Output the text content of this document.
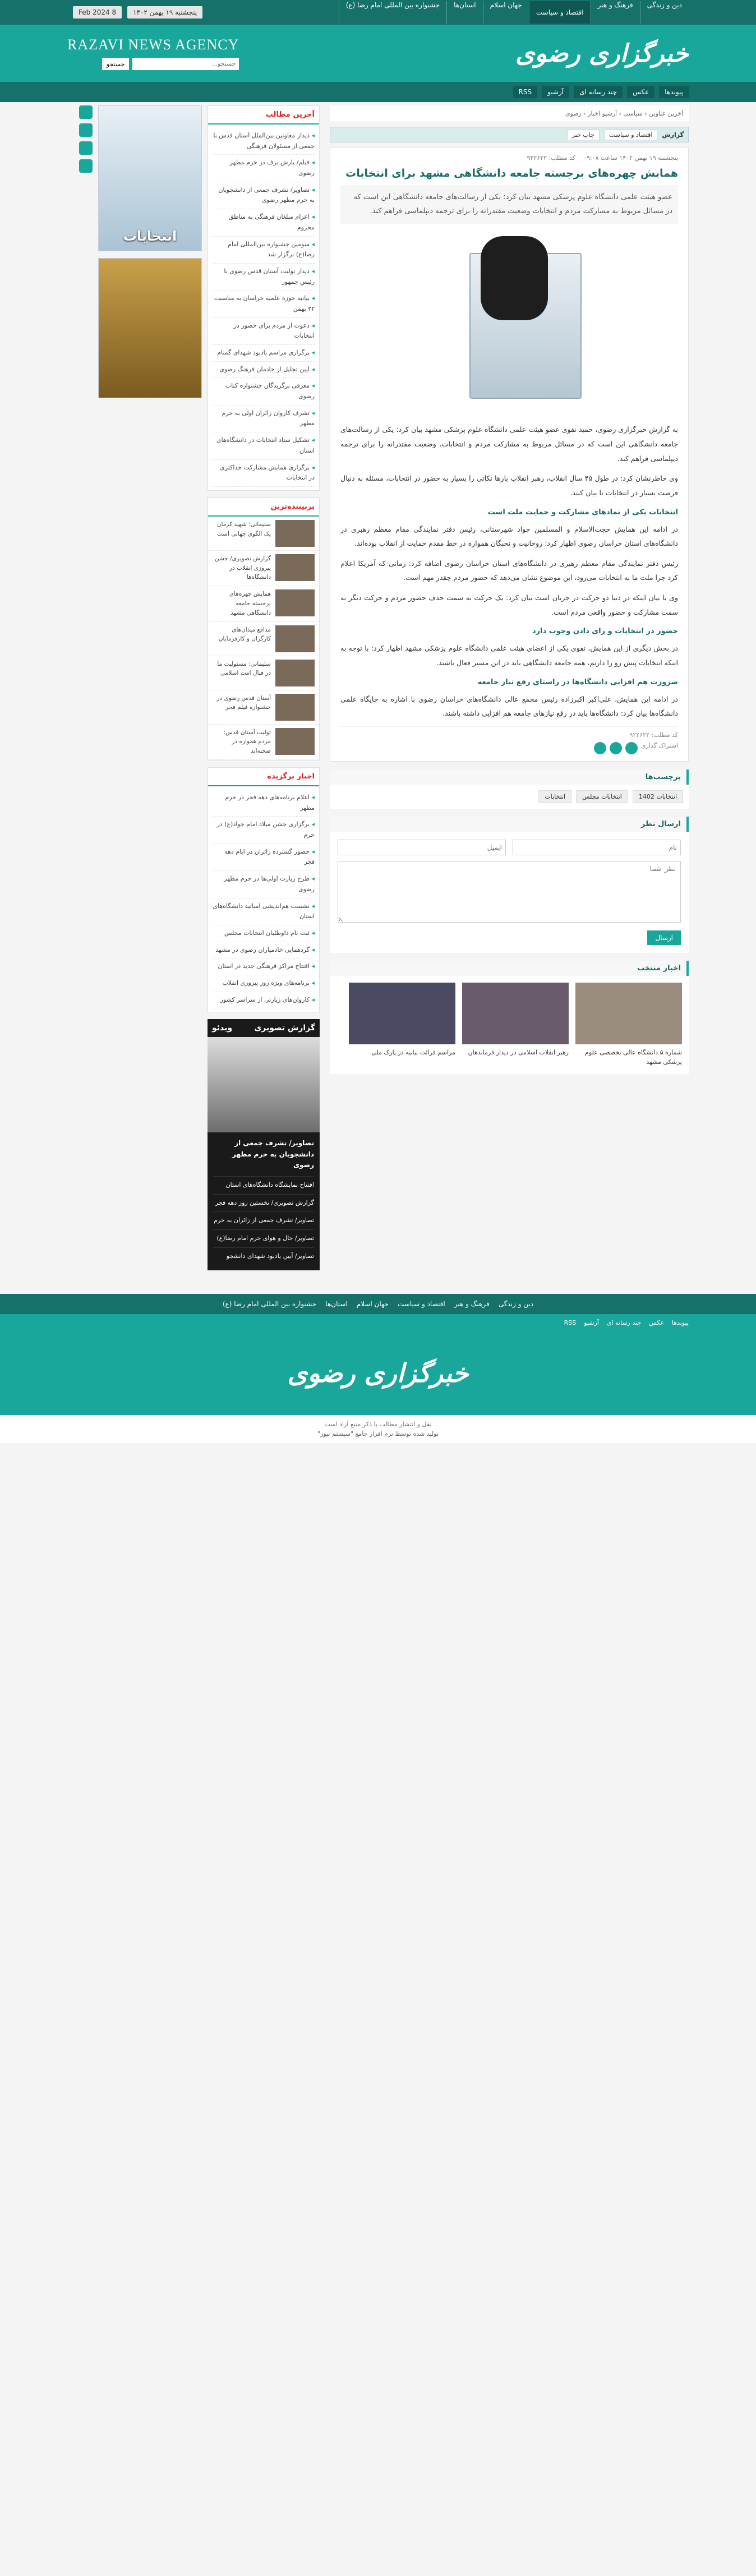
دین و زندگی
فرهنگ و هنر
اقتصاد و سیاست
جهان اسلام
استان‌ها
جشنواره بین المللی امام رضا (ع)
پنجشنبه ۱۹ بهمن ۱۴۰۲
8 Feb 2024
خبرگزاری رضوی
RAZAVI NEWS AGENCY
جستجو...
جستجو
پیوندها
عکس
چند رسانه ای
آرشیو
RSS
آخرین عناوین › سیاسی › آرشیو اخبار › رضوی
گزارش
اقتصاد و سیاست
چاپ خبر
پنجشنبه ۱۹ بهمن ۱۴۰۲ ساعت ۰۹:۰۸
کد مطلب: ۹۲۲۶۲۲
همایش چهره‌های برجسته جامعه دانشگاهی مشهد برای انتخابات
عضو هیئت علمی دانشگاه علوم پزشکی مشهد بیان کرد: یکی از رسالت‌های جامعه دانشگاهی این است که در مسائل مربوط به مشارکت مردم و انتخابات وضعیت مقتدرانه را برای ترجمه دیپلماسی فراهم کند.

به گزارش خبرگزاری رضوی، حمید نقوی عضو هیئت علمی دانشگاه علوم پزشکی مشهد بیان کرد: یکی از رسالت‌های جامعه دانشگاهی این است که در مسائل مربوط به مشارکت مردم و انتخابات، وضعیت مقتدرانه را برای ترجمه دیپلماسی فراهم کند.

وی خاطرنشان کرد: در طول ۴۵ سال انقلاب، رهبر انقلاب بارها نکاتی را بسیار به حضور در انتخابات، مسئله به دنبال فرصت بسیار در انتخابات تا بیان کنند.

انتخابات یکی از نمادهای مشارکت و حمایت ملت است

در ادامه این همایش حجت‌الاسلام و المسلمین جواد شهرستانی، رئیس دفتر نمایندگی مقام معظم رهبری در دانشگاه‌های استان خراسان رضوی اظهار کرد: روحانیت و نخبگان همواره در خط مقدم حمایت از انقلاب بوده‌اند.

رئیس دفتر نمایندگی مقام معظم رهبری در دانشگاه‌های استان خراسان رضوی اضافه کرد: زمانی که آمریکا اعلام کرد چرا ملت ما به انتخابات می‌رود، این موضوع نشان می‌دهد که حضور مردم چقدر مهم است.

وی با بیان اینکه در دنیا دو حرکت در جریان است بیان کرد: یک حرکت به سمت حذف حضور مردم و حرکت دیگر به سمت مشارکت و حضور واقعی مردم است.

حضور در انتخابات و رای دادن وجوب دارد

در بخش دیگری از این همایش، نقوی یکی از اعضای هیئت علمی دانشگاه علوم پزشکی مشهد اظهار کرد: با توجه به اینکه انتخابات پیش رو را داریم، همه جامعه دانشگاهی باید در این مسیر فعال باشند.

ضرورت هم افزایی دانشگاه‌ها در راستای رفع نیاز جامعه

در ادامه این همایش، علی‌اکبر اکبرزاده رئیس مجمع عالی دانشگاه‌های خراسان رضوی با اشاره به جایگاه علمی دانشگاه‌ها بیان کرد: دانشگاه‌ها باید در رفع نیازهای جامعه هم افزایی داشته باشند.

کد مطلب: ۹۲۲۶۲۲
اشتراک گذاری
برچسب‌ها
انتخابات 1402
انتخابات مجلس
انتخابات
ارسال نظر
نام
ایمیل
نظر شما ارسال
اخبار منتخب
شماره ۵ دانشگاه عالی تخصصی علوم پزشکی مشهد
رهبر انقلاب اسلامی در دیدار فرماندهان
مراسم قرائت بیانیه در پارک ملی
آخرین مطالب
◂ دیدار معاونین بین‌الملل آستان قدس با جمعی از مسئولان فرهنگی
◂ فیلم/ بارش برف در حرم مطهر رضوی
◂ تصاویر/ تشرف جمعی از دانشجویان به حرم مطهر رضوی
◂ اعزام مبلغان فرهنگی به مناطق محروم
◂ سومین جشنواره بین‌المللی امام رضا(ع) برگزار شد
◂ دیدار تولیت آستان قدس رضوی با رئیس جمهور
◂ بیانیه حوزه علمیه خراسان به مناسبت ۲۲ بهمن
◂ دعوت از مردم برای حضور در انتخابات
◂ برگزاری مراسم یادبود شهدای گمنام
◂ آیین تجلیل از خادمان فرهنگ رضوی
◂ معرفی برگزیدگان جشنواره کتاب رضوی
◂ تشرف کاروان زائران اولی به حرم مطهر
◂ تشکیل ستاد انتخابات در دانشگاه‌های استان
◂ برگزاری همایش مشارکت حداکثری در انتخابات
پربیننده‌ترین
سلیمانی: شهید کرمان یک الگوی جهانی است
گزارش تصویری/ جشن پیروزی انقلاب در دانشگاه‌ها
همایش چهره‌های برجسته جامعه دانشگاهی مشهد
مدافع میدان‌های کارگران و کارفرمایان
سلیمانی: مسئولیت ما در قبال امت اسلامی
آستان قدس رضوی در جشنواره فیلم فجر
تولیت آستان قدس: مردم همواره در صحنه‌اند
اخبار برگزیده
◂ اعلام برنامه‌های دهه فجر در حرم مطهر
◂ برگزاری جشن میلاد امام جواد(ع) در حرم
◂ حضور گسترده زائران در ایام دهه فجر
◂ طرح زیارت اولی‌ها در حرم مطهر رضوی
◂ نشست هم‌اندیشی اساتید دانشگاه‌های استان
◂ ثبت نام داوطلبان انتخابات مجلس
◂ گردهمایی خادمیاران رضوی در مشهد
◂ افتتاح مراکز فرهنگی جدید در استان
◂ برنامه‌های ویژه روز پیروزی انقلاب
◂ کاروان‌های زیارتی از سراسر کشور
گزارش تصویری
ویدئو
تصاویر/ تشرف جمعی از دانشجویان به حرم مطهر رضوی
افتتاح نمایشگاه دانشگاه‌های استان
گزارش تصویری/ نخستین روز دهه فجر
تصاویر/ تشرف جمعی از زائران به حرم
تصاویر/ حال و هوای حرم امام رضا(ع)
تصاویر/ آیین یادبود شهدای دانشجو
انتخابات
دین و زندگی
فرهنگ و هنر
اقتصاد و سیاست
جهان اسلام
استان‌ها
جشنواره بین المللی امام رضا (ع)
پیوندها
عکس
چند رسانه ای
آرشیو
RSS
خبرگزاری رضوی
نقل و انتشار مطالب با ذکر منبع آزاد است
تولید شده توسط نرم افزار جامع "سیستم نیوز"
